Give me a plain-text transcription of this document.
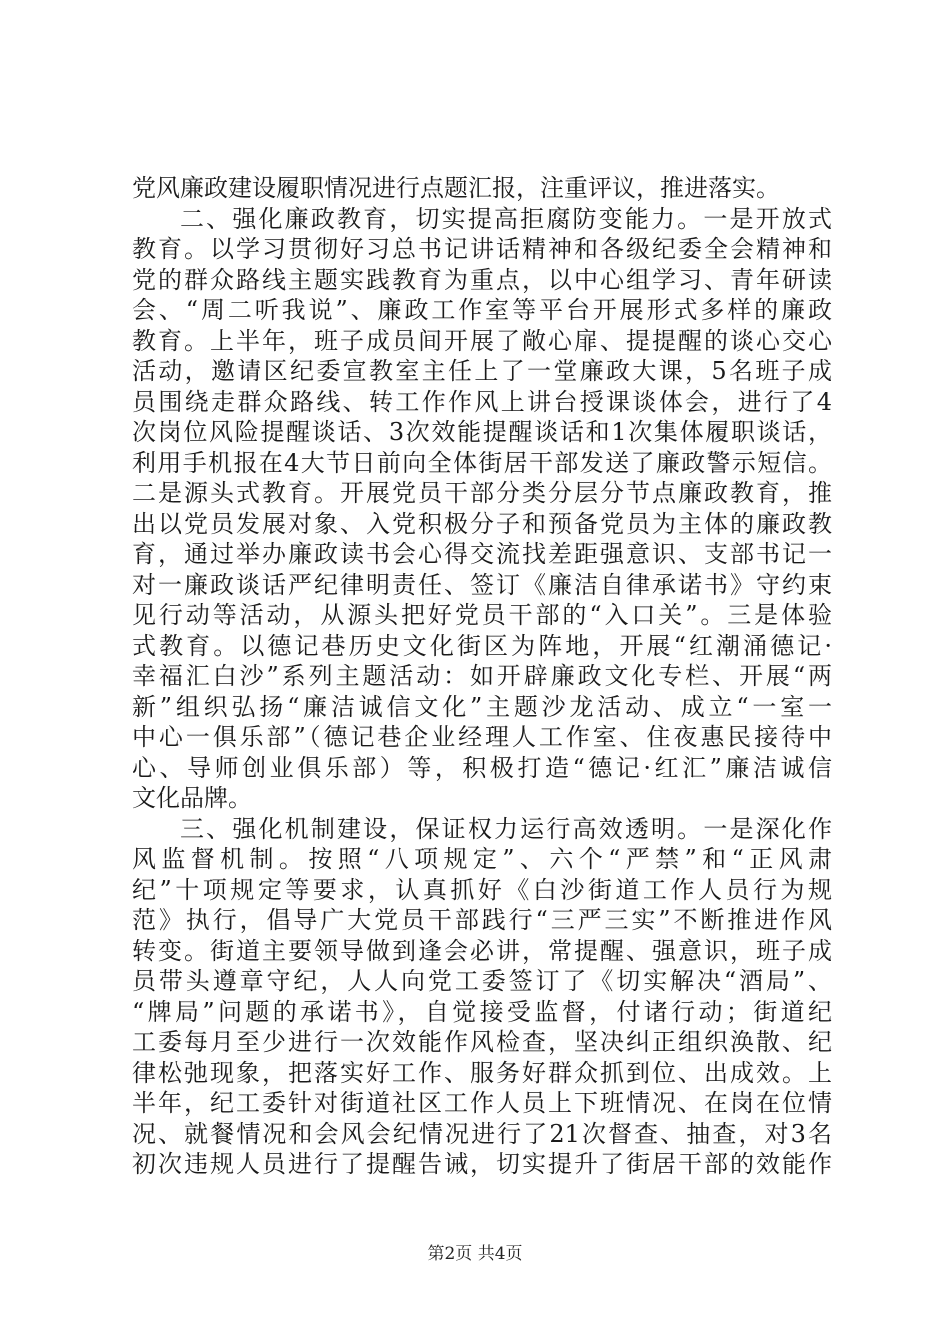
党风廉政建设履职情况进行点题汇报，注重评议，推进落实。
二、强化廉政教育，切实提高拒腐防变能力。一是开放式
教育。以学习贯彻好习总书记讲话精神和各级纪委全会精神和
党的群众路线主题实践教育为重点，以中心组学习、青年研读
会、“周二听我说”、廉政工作室等平台开展形式多样的廉政
教育。上半年，班子成员间开展了敞心扉、提提醒的谈心交心
活动，邀请区纪委宣教室主任上了一堂廉政大课，5名班子成
员围绕走群众路线、转工作作风上讲台授课谈体会，进行了4
次岗位风险提醒谈话、3次效能提醒谈话和1次集体履职谈话，
利用手机报在4大节日前向全体街居干部发送了廉政警示短信。
二是源头式教育。开展党员干部分类分层分节点廉政教育，推
出以党员发展对象、入党积极分子和预备党员为主体的廉政教
育，通过举办廉政读书会心得交流找差距强意识、支部书记一
对一廉政谈话严纪律明责任、签订《廉洁自律承诺书》守约束
见行动等活动，从源头把好党员干部的“入口关”。三是体验
式教育。以德记巷历史文化街区为阵地，开展“红潮涌德记·
幸福汇白沙”系列主题活动：如开辟廉政文化专栏、开展“两
新”组织弘扬“廉洁诚信文化”主题沙龙活动、成立“一室一
中心一俱乐部”（德记巷企业经理人工作室、住夜惠民接待中
心、导师创业俱乐部）等，积极打造“德记·红汇”廉洁诚信
文化品牌。
三、强化机制建设，保证权力运行高效透明。一是深化作
风监督机制。按照“八项规定”、六个“严禁”和“正风肃
纪”十项规定等要求，认真抓好《白沙街道工作人员行为规
范》执行，倡导广大党员干部践行“三严三实”不断推进作风
转变。街道主要领导做到逢会必讲，常提醒、强意识，班子成
员带头遵章守纪，人人向党工委签订了《切实解决“酒局”、
“牌局”问题的承诺书》，自觉接受监督，付诸行动；街道纪
工委每月至少进行一次效能作风检查，坚决纠正组织涣散、纪
律松弛现象，把落实好工作、服务好群众抓到位、出成效。上
半年，纪工委针对街道社区工作人员上下班情况、在岗在位情
况、就餐情况和会风会纪情况进行了21次督查、抽查，对3名
初次违规人员进行了提醒告诫，切实提升了街居干部的效能作
第2页 共4页
